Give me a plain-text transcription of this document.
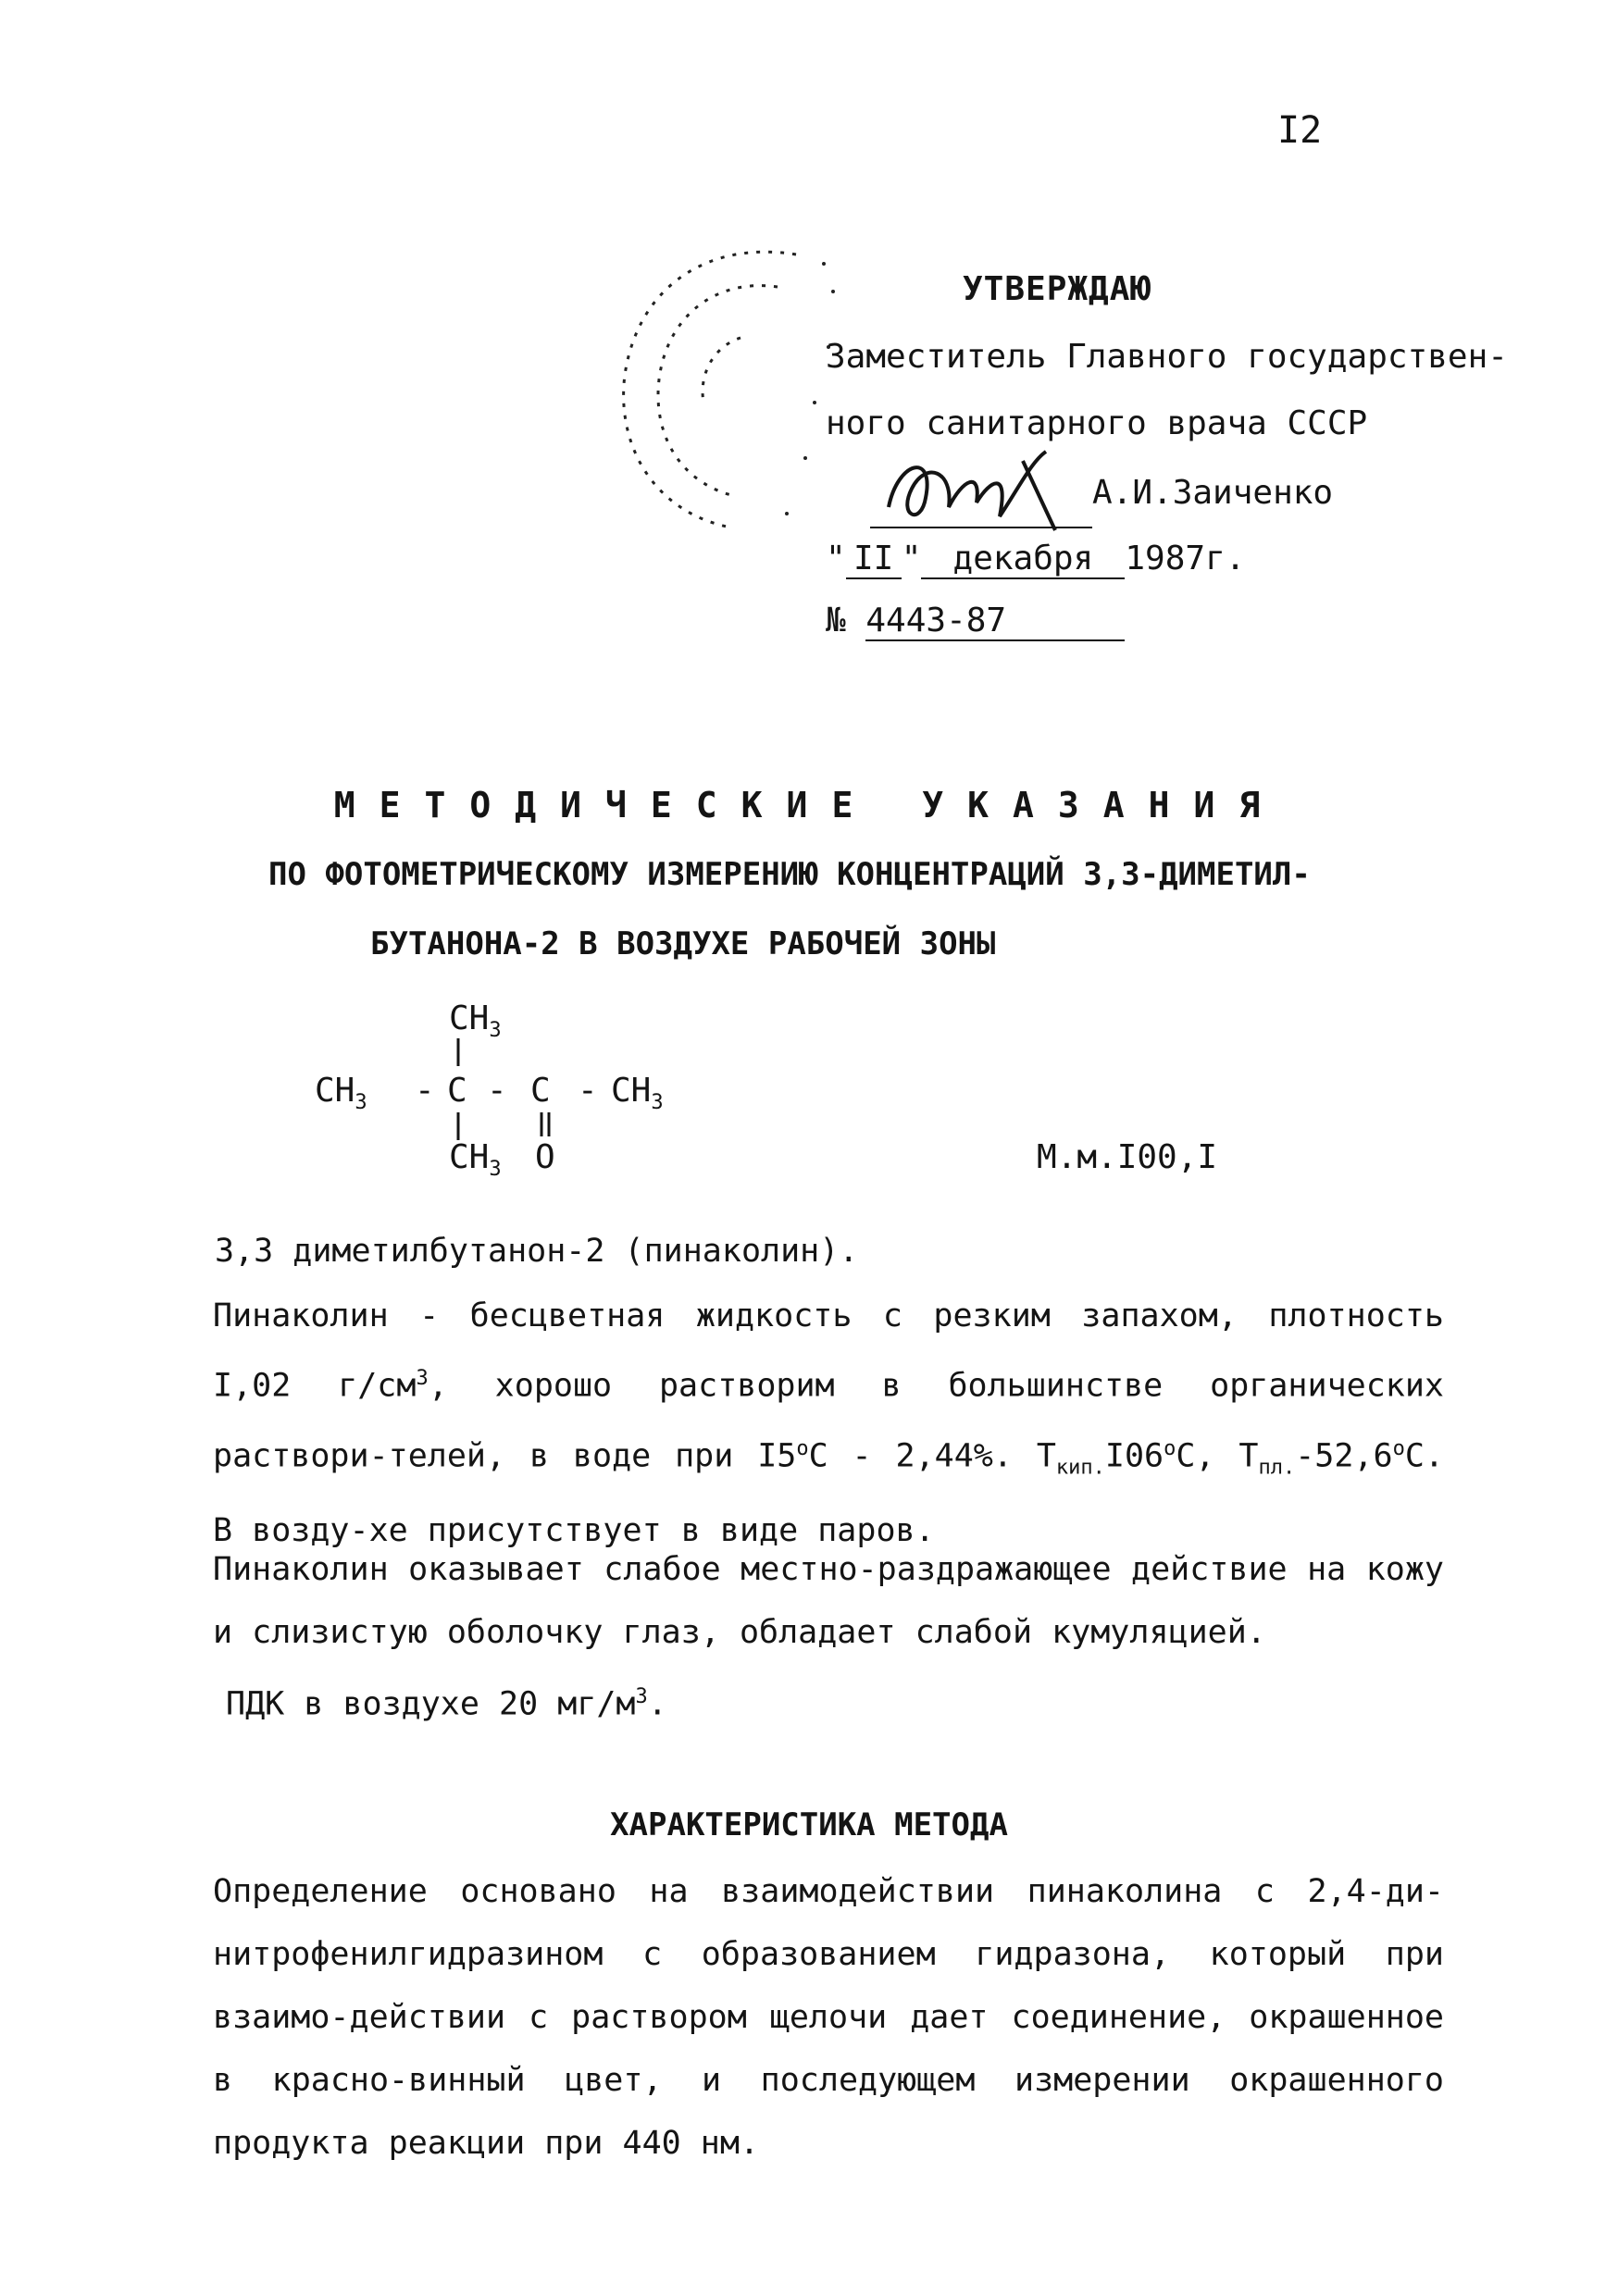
I2
УТВЕРЖДАЮ
Заместитель Главного государствен-
ного санитарного врача СССР
А.И.Заиченко
" II " декабря 1987г.
№ 4443-87
МЕТОДИЧЕСКИЕ УКАЗАНИЯ
ПО ФОТОМЕТРИЧЕСКОМУ ИЗМЕРЕНИЮ КОНЦЕНТРАЦИЙ 3,3-ДИМЕТИЛ-
БУТАНОНА-2 В ВОЗДУХЕ РАБОЧЕЙ ЗОНЫ
$CH_3$
$CH_3$ - C - C - $CH_3$
$CH_3$ O	М.м.I00,I
3,3 диметилбутанон-2 (пинаколин).
Пинаколин - бесцветная жидкость с резким запахом, плотность I,02 $г/см^3$, хорошо растворим в большинстве органических раствори-телей, в воде при $I5^оС - 2,44\%$. $Т_{кип.}I06^оС$, $Т_{пл.}-52,6^оС$. В возду-хе присутствует в виде паров.
Пинаколин оказывает слабое местно-раздражающее действие на кожу и слизистую оболочку глаз, обладает слабой кумуляцией.
ПДК в воздухе 20 $мг/м^3$.
ХАРАКТЕРИСТИКА МЕТОДА
Определение основано на взаимодействии пинаколина с 2,4-ди-нитрофенилгидразином с образованием гидразона, который при взаимо-действии с раствором щелочи дает соединение, окрашенное в красно-винный цвет, и последующем измерении окрашенного продукта реакции при 440 нм.
